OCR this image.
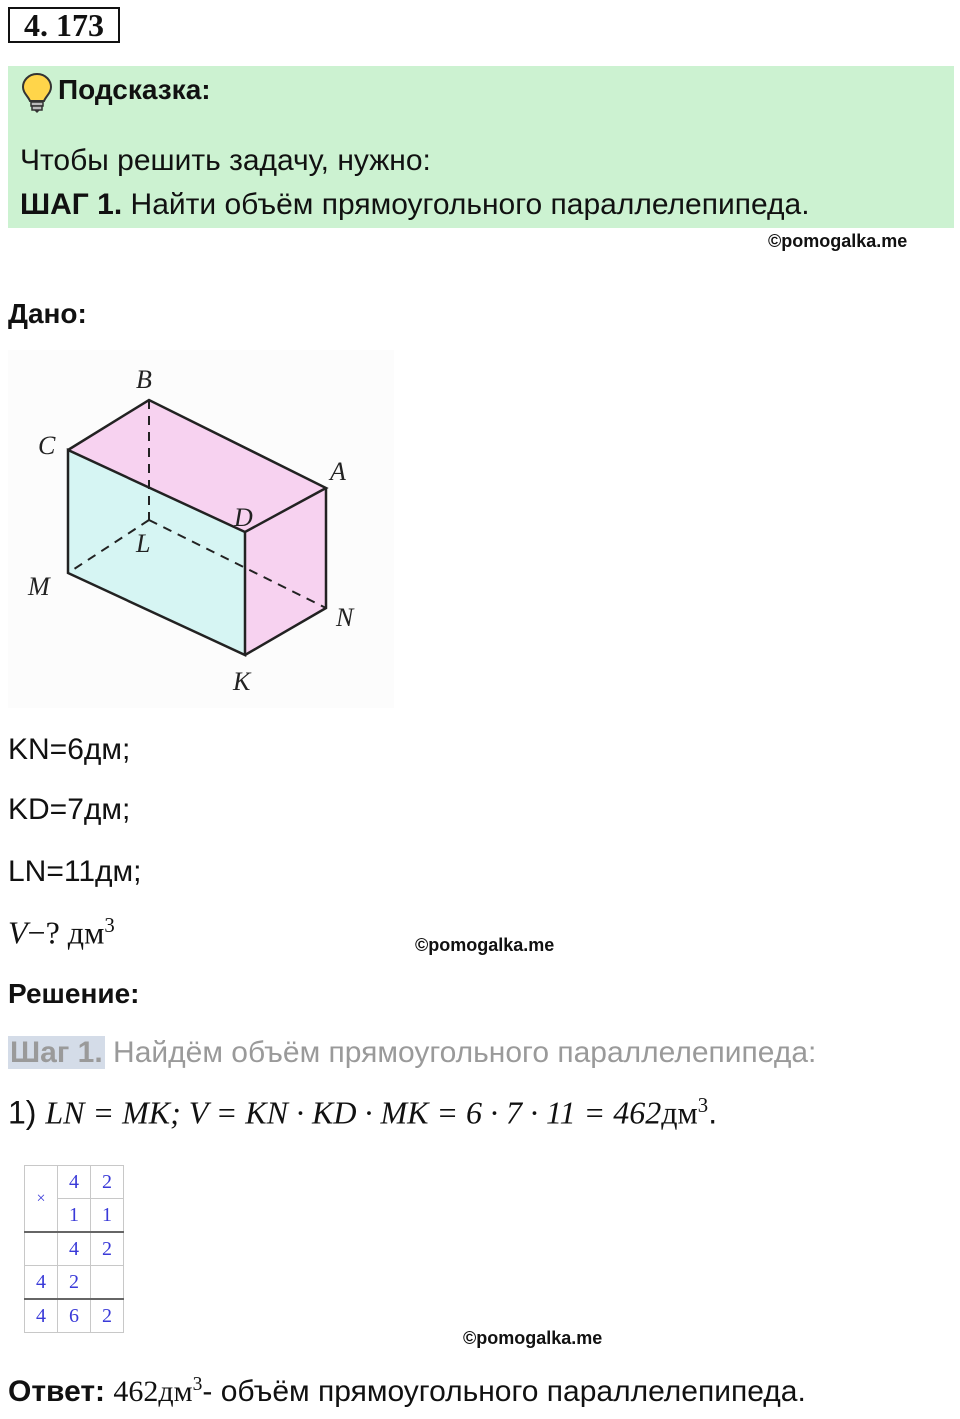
4. 173
Подсказка:
Чтобы решить задачу, нужно:
ШАГ 1. Найти объём прямоугольного параллелепипеда.
©pomogalka.me
Дано:
B
C
A
D
L
M
N
K
KN=6дм;
KD=7дм;
LN=11дм;
V−? $дм^3$
©pomogalka.me
Решение:
Шаг 1. Найдём объём прямоугольного параллелепипеда:
1) LN = MK; V = KN · KD · MK = $6 \cdot 7 \cdot 11 = 462дм^3$.
×	4	2
	1	1
	4	2
4	2	
4	6	2
©pomogalka.me
Ответ: $462дм^3-$ объём прямоугольного параллелепипеда.
